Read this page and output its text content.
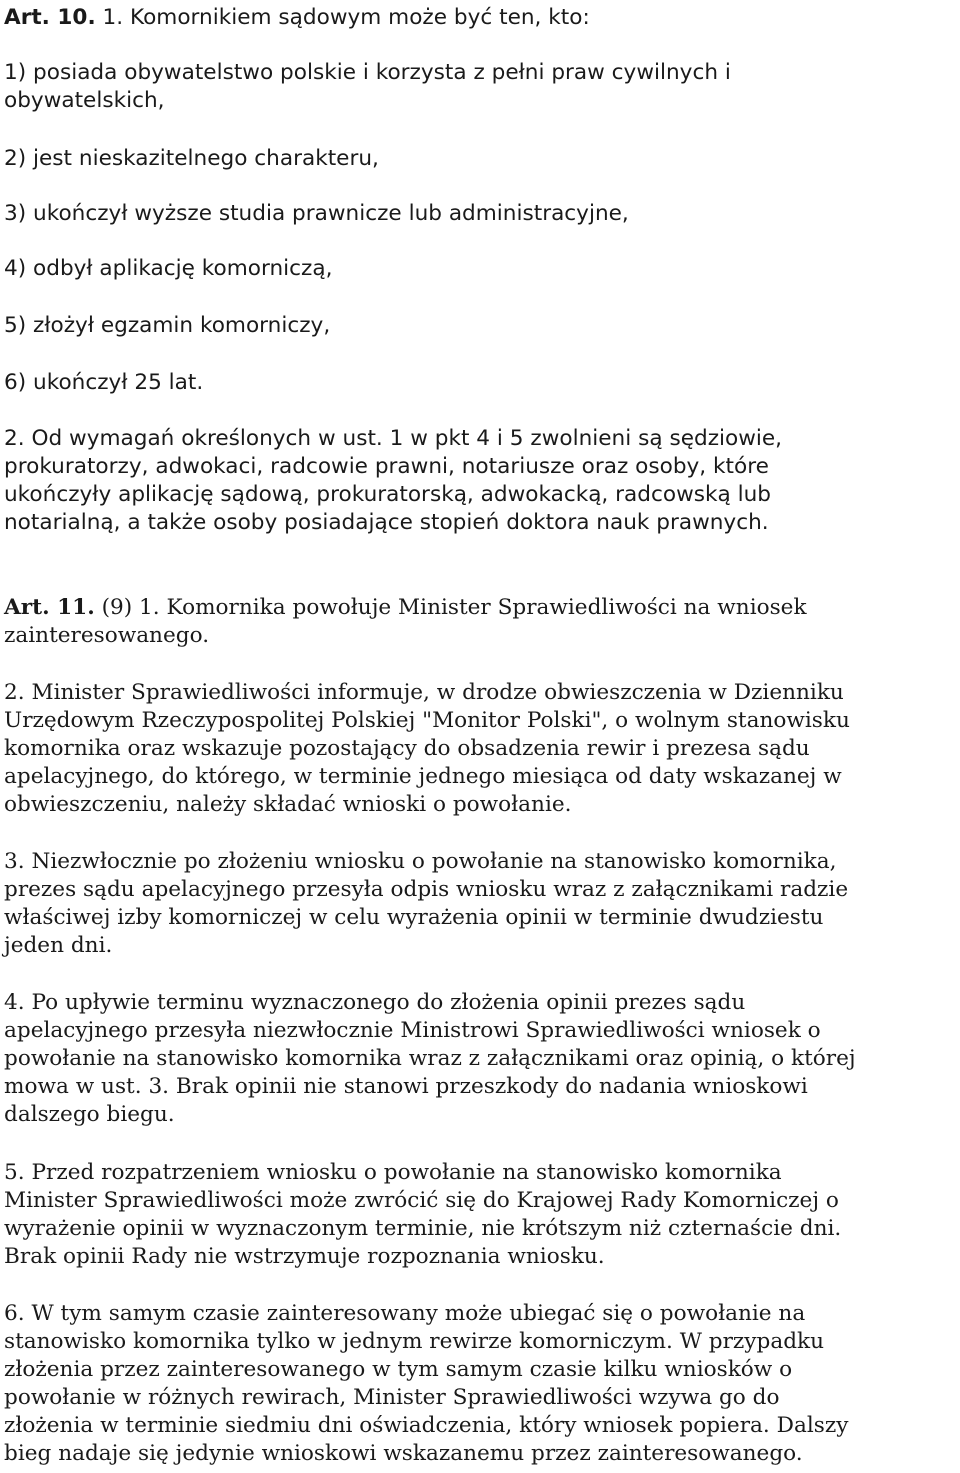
Art. 10. 1. Komornikiem sądowym może być ten, kto:
1) posiada obywatelstwo polskie i korzysta z pełni praw cywilnych i
obywatelskich,
2) jest nieskazitelnego charakteru,
3) ukończył wyższe studia prawnicze lub administracyjne,
4) odbył aplikację komorniczą,
5) złożył egzamin komorniczy,
6) ukończył 25 lat.
2. Od wymagań określonych w ust. 1 w pkt 4 i 5 zwolnieni są sędziowie,
prokuratorzy, adwokaci, radcowie prawni, notariusze oraz osoby, które
ukończyły aplikację sądową, prokuratorską, adwokacką, radcowską lub
notarialną, a także osoby posiadające stopień doktora nauk prawnych.
Art. 11. (9) 1. Komornika powołuje Minister Sprawiedliwości na wniosek
zainteresowanego.
2. Minister Sprawiedliwości informuje, w drodze obwieszczenia w Dzienniku
Urzędowym Rzeczypospolitej Polskiej "Monitor Polski", o wolnym stanowisku
komornika oraz wskazuje pozostający do obsadzenia rewir i prezesa sądu
apelacyjnego, do którego, w terminie jednego miesiąca od daty wskazanej w
obwieszczeniu, należy składać wnioski o powołanie.
3. Niezwłocznie po złożeniu wniosku o powołanie na stanowisko komornika,
prezes sądu apelacyjnego przesyła odpis wniosku wraz z załącznikami radzie
właściwej izby komorniczej w celu wyrażenia opinii w terminie dwudziestu
jeden dni.
4. Po upływie terminu wyznaczonego do złożenia opinii prezes sądu
apelacyjnego przesyła niezwłocznie Ministrowi Sprawiedliwości wniosek o
powołanie na stanowisko komornika wraz z załącznikami oraz opinią, o której
mowa w ust. 3. Brak opinii nie stanowi przeszkody do nadania wnioskowi
dalszego biegu.
5. Przed rozpatrzeniem wniosku o powołanie na stanowisko komornika
Minister Sprawiedliwości może zwrócić się do Krajowej Rady Komorniczej o
wyrażenie opinii w wyznaczonym terminie, nie krótszym niż czternaście dni.
Brak opinii Rady nie wstrzymuje rozpoznania wniosku.
6. W tym samym czasie zainteresowany może ubiegać się o powołanie na
stanowisko komornika tylko w jednym rewirze komorniczym. W przypadku
złożenia przez zainteresowanego w tym samym czasie kilku wniosków o
powołanie w różnych rewirach, Minister Sprawiedliwości wzywa go do
złożenia w terminie siedmiu dni oświadczenia, który wniosek popiera. Dalszy
bieg nadaje się jedynie wnioskowi wskazanemu przez zainteresowanego.
